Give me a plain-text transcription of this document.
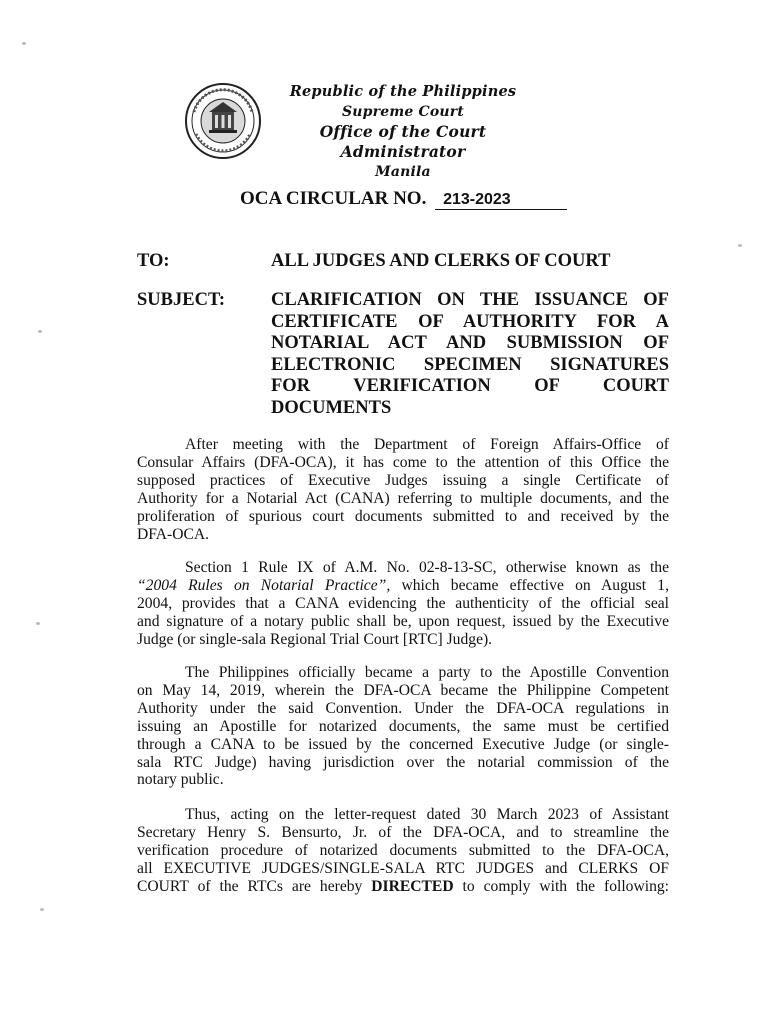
Republic of the Philippines
Supreme Court
Office of the Court Administrator
Manila
OCA CIRCULAR NO. 213-2023
TO:	ALL JUDGES AND CLERKS OF COURT
SUBJECT: CLARIFICATION ON THE ISSUANCE OF
CERTIFICATE OF AUTHORITY FOR A
NOTARIAL ACT AND SUBMISSION OF
ELECTRONIC SPECIMEN SIGNATURES
FOR VERIFICATION OF COURT
DOCUMENTS
After meeting with the Department of Foreign Affairs-Office of
Consular Affairs (DFA-OCA), it has come to the attention of this Office the
supposed practices of Executive Judges issuing a single Certificate of
Authority for a Notarial Act (CANA) referring to multiple documents, and the
proliferation of spurious court documents submitted to and received by the
DFA-OCA.
Section 1 Rule IX of A.M. No. 02-8-13-SC, otherwise known as the
“2004 Rules on Notarial Practice”, which became effective on August 1,
2004, provides that a CANA evidencing the authenticity of the official seal
and signature of a notary public shall be, upon request, issued by the Executive
Judge (or single-sala Regional Trial Court [RTC] Judge).
The Philippines officially became a party to the Apostille Convention
on May 14, 2019, wherein the DFA-OCA became the Philippine Competent
Authority under the said Convention. Under the DFA-OCA regulations in
issuing an Apostille for notarized documents, the same must be certified
through a CANA to be issued by the concerned Executive Judge (or single-
sala RTC Judge) having jurisdiction over the notarial commission of the
notary public.
Thus, acting on the letter-request dated 30 March 2023 of Assistant
Secretary Henry S. Bensurto, Jr. of the DFA-OCA, and to streamline the
verification procedure of notarized documents submitted to the DFA-OCA,
all EXECUTIVE JUDGES/SINGLE-SALA RTC JUDGES and CLERKS OF
COURT of the RTCs are hereby DIRECTED to comply with the following:
